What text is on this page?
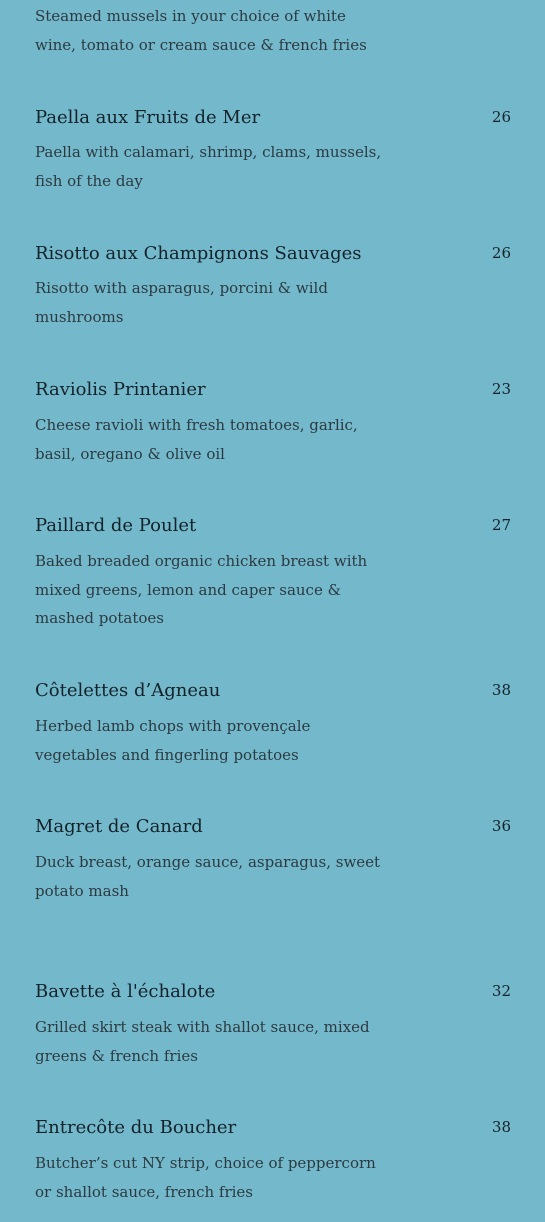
Steamed mussels in your choice of white wine, tomato or cream sauce & french fries
Paella aux Fruits de Mer	26
Paella with calamari, shrimp, clams, mussels, fish of the day
Risotto aux Champignons Sauvages	26
Risotto with asparagus, porcini & wild mushrooms
Raviolis Printanier	23
Cheese ravioli with fresh tomatoes, garlic, basil, oregano & olive oil
Paillard de Poulet	27
Baked breaded organic chicken breast with mixed greens, lemon and caper sauce & mashed potatoes
Côtelettes d’Agneau	38
Herbed lamb chops with provençale vegetables and fingerling potatoes
Magret de Canard	36
Duck breast, orange sauce, asparagus, sweet potato mash
Bavette à l'échalote	32
Grilled skirt steak with shallot sauce, mixed greens & french fries
Entrecôte du Boucher	38
Butcher’s cut NY strip, choice of peppercorn or shallot sauce, french fries
